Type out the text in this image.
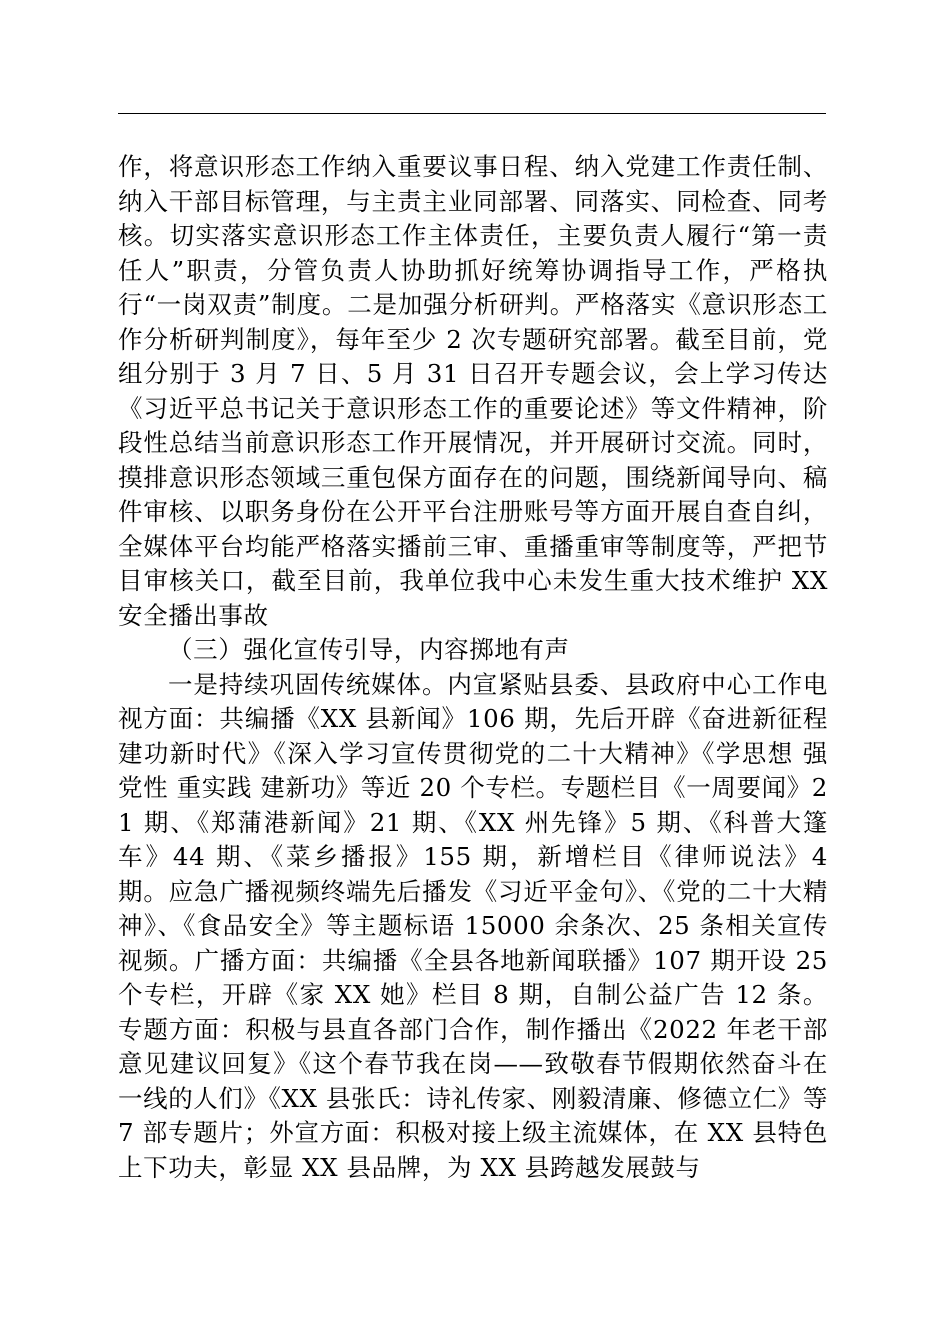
作，将意识形态工作纳入重要议事日程、纳入党建工作责任制、纳入干部目标管理，与主责主业同部署、同落实、同检查、同考核。切实落实意识形态工作主体责任，主要负责人履行“第一责任人”职责，分管负责人协助抓好统筹协调指导工作，严格执行“一岗双责”制度。二是加强分析研判。严格落实《意识形态工作分析研判制度》，每年至少 2 次专题研究部署。截至目前，党组分别于 3 月 7 日、5 月 31 日召开专题会议，会上学习传达《习近平总书记关于意识形态工作的重要论述》等文件精神，阶段性总结当前意识形态工作开展情况，并开展研讨交流。同时，摸排意识形态领域三重包保方面存在的问题，围绕新闻导向、稿件审核、以职务身份在公开平台注册账号等方面开展自查自纠，全媒体平台均能严格落实播前三审、重播重审等制度等，严把节目审核关口，截至目前，我单位我中心未发生重大技术维护 XX 安全播出事故

（三）强化宣传引导，内容掷地有声

一是持续巩固传统媒体。内宣紧贴县委、县政府中心工作电视方面：共编播《XX 县新闻》106 期，先后开辟《奋进新征程 建功新时代》《深入学习宣传贯彻党的二十大精神》《学思想 强党性 重实践 建新功》等近 20 个专栏。专题栏目《一周要闻》21 期、《郑蒲港新闻》21 期、《XX 州先锋》5 期、《科普大篷车》44 期、《菜乡播报》155 期，新增栏目《律师说法》4 期。应急广播视频终端先后播发《习近平金句》、《党的二十大精神》、《食品安全》等主题标语 15000 余条次、25 条相关宣传视频。广播方面：共编播《全县各地新闻联播》107 期开设 25 个专栏，开辟《家 XX 她》栏目 8 期，自制公益广告 12 条。专题方面：积极与县直各部门合作，制作播出《2022 年老干部意见建议回复》《这个春节我在岗——致敬春节假期依然奋斗在一线的人们》《XX 县张氏：诗礼传家、刚毅清廉、修德立仁》等 7 部专题片；外宣方面：积极对接上级主流媒体，在 XX 县特色上下功夫，彰显 XX 县品牌，为 XX 县跨越发展鼓与
